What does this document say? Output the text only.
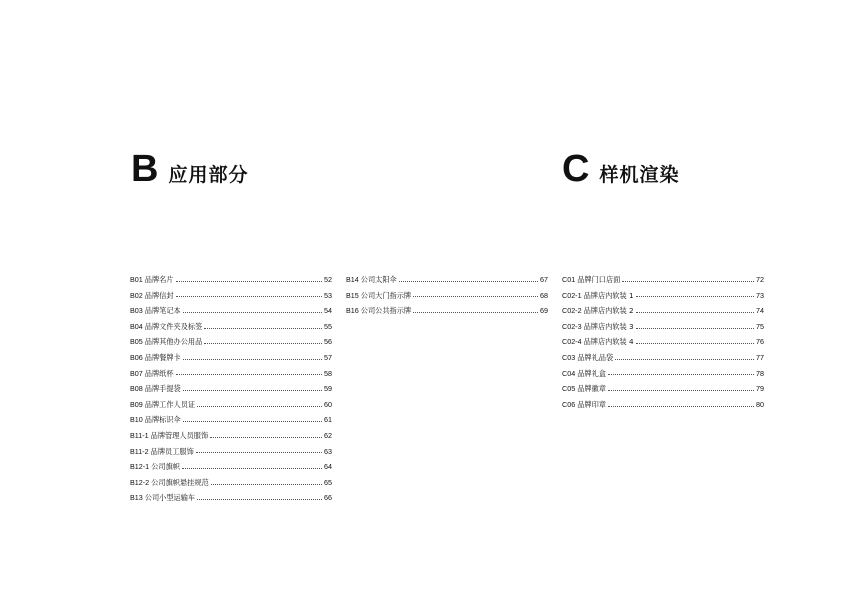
B 应用部分	C 样机渲染
B01 品牌名片	52
B02 品牌信封	53
B03 品牌笔记本	54
B04 品牌文件夹及标签	55
B05 品牌其他办公用品	56
B06 品牌餐牌卡	57
B07 品牌纸杯	58
B08 品牌手提袋	59
B09 品牌工作人员证	60
B10 品牌标识伞	61
B11-1 品牌管理人员服饰	62
B11-2 品牌员工服饰	63
B12-1 公司旗帜	64
B12-2 公司旗帜悬挂规范	65
B13 公司小型运输车	66
B14 公司太阳伞	67
B15 公司大门指示牌	68
B16 公司公共指示牌	69
C01 品牌门口店面	72
C02-1 品牌店内软装 1	73
C02-2 品牌店内软装 2	74
C02-3 品牌店内软装 3	75
C02-4 品牌店内软装 4	76
C03 品牌礼品袋	77
C04 品牌礼盒	78
C05 品牌徽章	79
C06 品牌印章	80
